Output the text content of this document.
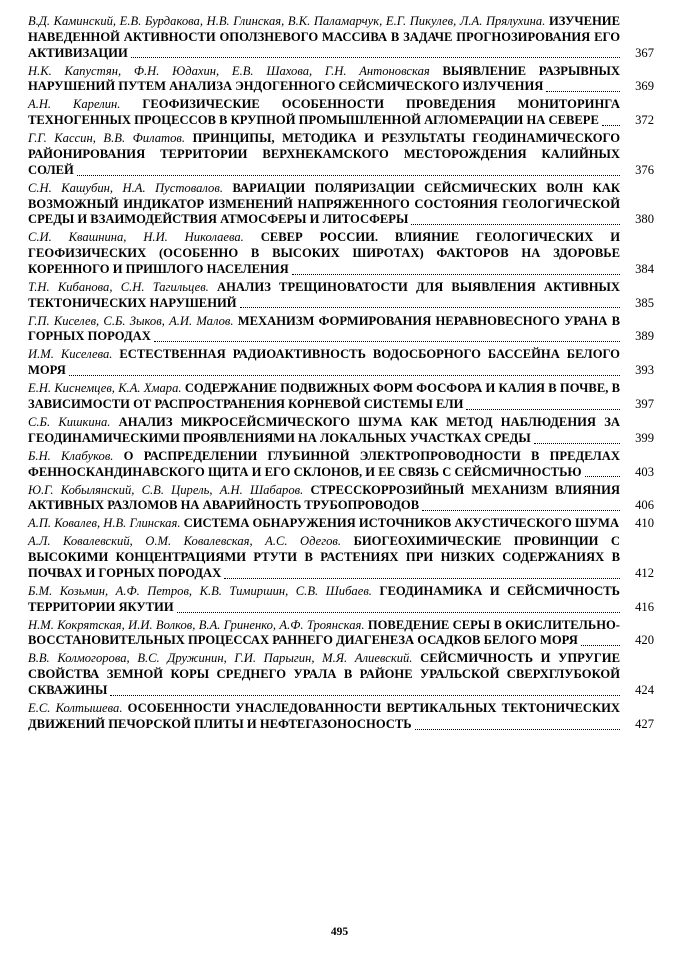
В.Д. Каминский, Е.В. Бурдакова, Н.В. Глинская, В.К. Паламарчук, Е.Г. Пикулев, Л.А. Прялухина. ИЗУЧЕНИЕ НАВЕДЕННОЙ АКТИВНОСТИ ОПОЛЗНЕВОГО МАССИВА В ЗАДАЧЕ ПРОГНОЗИРОВАНИЯ ЕГО АКТИВИЗАЦИИ	367
Н.К. Капустян, Ф.Н. Юдахин, Е.В. Шахова, Г.Н. Антоновская ВЫЯВЛЕНИЕ РАЗРЫВНЫХ НАРУШЕНИЙ ПУТЕМ АНАЛИЗА ЭНДОГЕННОГО СЕЙСМИЧЕСКОГО ИЗЛУЧЕНИЯ	369
А.Н. Карелин. ГЕОФИЗИЧЕСКИЕ ОСОБЕННОСТИ ПРОВЕДЕНИЯ МОНИТОРИНГА ТЕХНОГЕННЫХ ПРОЦЕССОВ В КРУПНОЙ ПРОМЫШЛЕННОЙ АГЛОМЕРАЦИИ НА СЕВЕРЕ	372
Г.Г. Кассин, В.В. Филатов. ПРИНЦИПЫ, МЕТОДИКА И РЕЗУЛЬТАТЫ ГЕОДИНАМИЧЕСКОГО РАЙОНИРОВАНИЯ ТЕРРИТОРИИ ВЕРХНЕКАМСКОГО МЕСТОРОЖДЕНИЯ КАЛИЙНЫХ СОЛЕЙ	376
С.Н. Кашубин, Н.А. Пустовалов. ВАРИАЦИИ ПОЛЯРИЗАЦИИ СЕЙСМИЧЕСКИХ ВОЛН КАК ВОЗМОЖНЫЙ ИНДИКАТОР ИЗМЕНЕНИЙ НАПРЯЖЕННОГО СОСТОЯНИЯ ГЕОЛОГИЧЕСКОЙ СРЕДЫ И ВЗАИМОДЕЙСТВИЯ АТМОСФЕРЫ И ЛИТОСФЕРЫ	380
С.И. Квашнина, Н.И. Николаева. СЕВЕР РОССИИ. ВЛИЯНИЕ ГЕОЛОГИЧЕСКИХ И ГЕОФИЗИЧЕСКИХ (ОСОБЕННО В ВЫСОКИХ ШИРОТАХ) ФАКТОРОВ НА ЗДОРОВЬЕ КОРЕННОГО И ПРИШЛОГО НАСЕЛЕНИЯ	384
Т.Н. Кибанова, С.Н. Тагильцев. АНАЛИЗ ТРЕЩИНОВАТОСТИ ДЛЯ ВЫЯВЛЕНИЯ АКТИВНЫХ ТЕКТОНИЧЕСКИХ НАРУШЕНИЙ	385
Г.П. Киселев, С.Б. Зыков, А.И. Малов. МЕХАНИЗМ ФОРМИРОВАНИЯ НЕРАВНОВЕСНОГО УРАНА В ГОРНЫХ ПОРОДАХ	389
И.М. Киселева. ЕСТЕСТВЕННАЯ РАДИОАКТИВНОСТЬ ВОДОСБОРНОГО БАССЕЙНА БЕЛОГО МОРЯ	393
Е.Н. Киснемцев, К.А. Хмара. СОДЕРЖАНИЕ ПОДВИЖНЫХ ФОРМ ФОСФОРА И КАЛИЯ В ПОЧВЕ, В ЗАВИСИМОСТИ ОТ РАСПРОСТРАНЕНИЯ КОРНЕВОЙ СИСТЕМЫ ЕЛИ	397
С.Б. Кишкина. АНАЛИЗ МИКРОСЕЙСМИЧЕСКОГО ШУМА КАК МЕТОД НАБЛЮДЕНИЯ ЗА ГЕОДИНАМИЧЕСКИМИ ПРОЯВЛЕНИЯМИ НА ЛОКАЛЬНЫХ УЧАСТКАХ СРЕДЫ	399
Б.Н. Клабуков. О РАСПРЕДЕЛЕНИИ ГЛУБИННОЙ ЭЛЕКТРОПРОВОДНОСТИ В ПРЕДЕЛАХ ФЕННОСКАНДИНАВСКОГО ЩИТА И ЕГО СКЛОНОВ, И ЕЕ СВЯЗЬ С СЕЙСМИЧНОСТЬЮ	403
Ю.Г. Кобылянский, С.В. Цирель, А.Н. Шабаров. СТРЕССКОРРОЗИЙНЫЙ МЕХАНИЗМ ВЛИЯНИЯ АКТИВНЫХ РАЗЛОМОВ НА АВАРИЙНОСТЬ ТРУБОПРОВОДОВ	406
А.П. Ковалев, Н.В. Глинская. СИСТЕМА ОБНАРУЖЕНИЯ ИСТОЧНИКОВ АКУСТИЧЕСКОГО ШУМА	410
А.Л. Ковалевский, О.М. Ковалевская, А.С. Одегов. БИОГЕОХИМИЧЕСКИЕ ПРОВИНЦИИ С ВЫСОКИМИ КОНЦЕНТРАЦИЯМИ РТУТИ В РАСТЕНИЯХ ПРИ НИЗКИХ СОДЕРЖАНИЯХ В ПОЧВАХ И ГОРНЫХ ПОРОДАХ	412
Б.М. Козьмин, А.Ф. Петров, К.В. Тимиршин, С.В. Шибаев. ГЕОДИНАМИКА И СЕЙСМИЧНОСТЬ ТЕРРИТОРИИ ЯКУТИИ	416
Н.М. Кокрятская, И.И. Волков, В.А. Гриненко, А.Ф. Троянская. ПОВЕДЕНИЕ СЕРЫ В ОКИСЛИТЕЛЬНО-ВОССТАНОВИТЕЛЬНЫХ ПРОЦЕССАХ РАННЕГО ДИАГЕНЕЗА ОСАДКОВ БЕЛОГО МОРЯ	420
В.В. Колмогорова, В.С. Дружинин, Г.И. Парыгин, М.Я. Алиевский. СЕЙСМИЧНОСТЬ И УПРУГИЕ СВОЙСТВА ЗЕМНОЙ КОРЫ СРЕДНЕГО УРАЛА В РАЙОНЕ УРАЛЬСКОЙ СВЕРХГЛУБОКОЙ СКВАЖИНЫ	424
Е.С. Колтышева. ОСОБЕННОСТИ УНАСЛЕДОВАННОСТИ ВЕРТИКАЛЬНЫХ ТЕКТОНИЧЕСКИХ ДВИЖЕНИЙ ПЕЧОРСКОЙ ПЛИТЫ И НЕФТЕГАЗОНОСНОСТЬ	427
495
